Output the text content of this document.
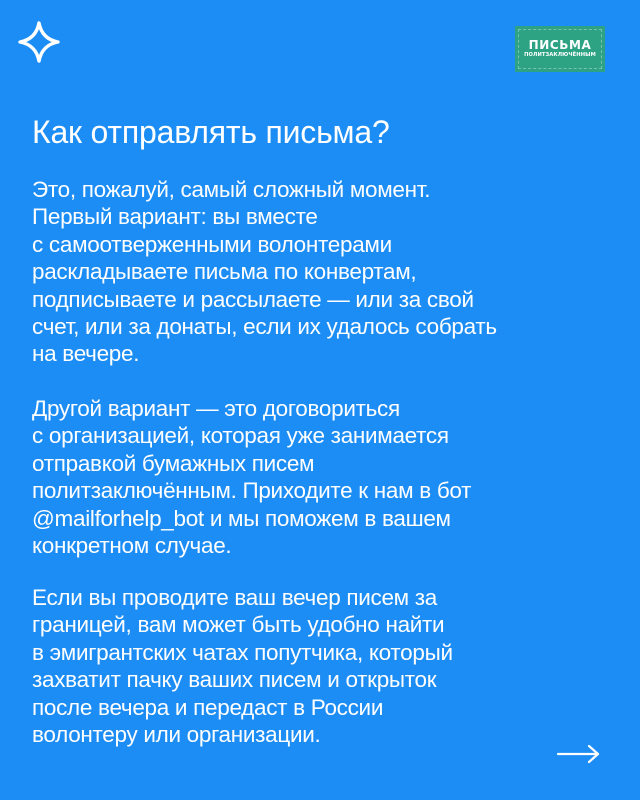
ПИСЬМА
ПОЛИТЗАКЛЮЧЁННЫМ
Как отправлять письма?

Это, пожалуй, самый сложный момент.
Первый вариант: вы вместе
с самоотверженными волонтерами
раскладываете письма по конвертам,
подписываете и рассылаете — или за свой
счет, или за донаты, если их удалось собрать
на вечере.

Другой вариант — это договориться
с организацией, которая уже занимается
отправкой бумажных писем
политзаключённым. Приходите к нам в бот
@mailforhelp_bot и мы поможем в вашем
конкретном случае.

Если вы проводите ваш вечер писем за
границей, вам может быть удобно найти
в эмигрантских чатах попутчика, который
захватит пачку ваших писем и открыток
после вечера и передаст в России
волонтеру или организации.
